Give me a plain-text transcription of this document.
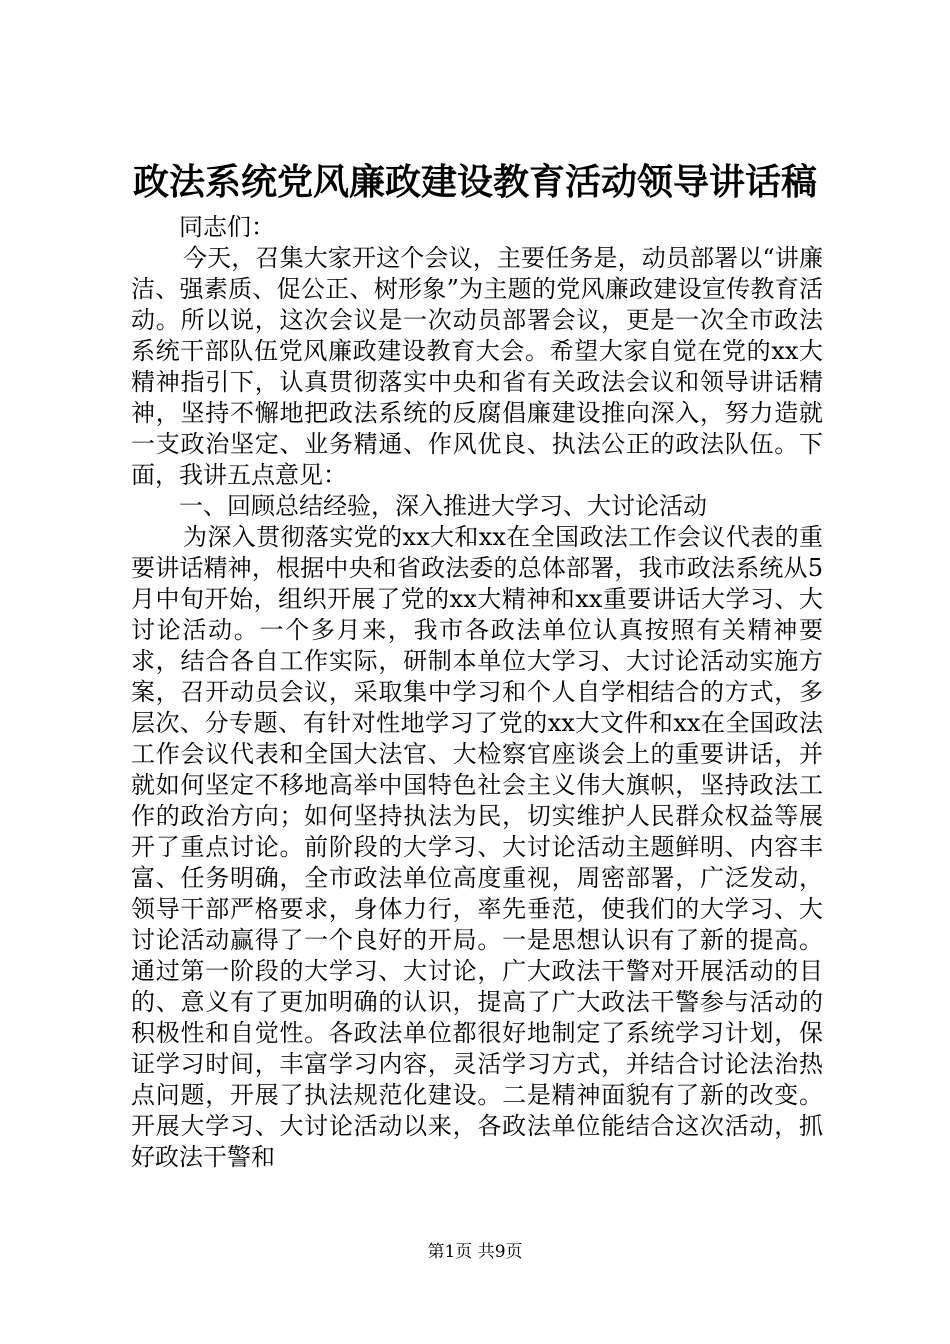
政法系统党风廉政建设教育活动领导讲话稿

同志们：

今天，召集大家开这个会议，主要任务是，动员部署以“讲廉洁、强素质、促公正、树形象”为主题的党风廉政建设宣传教育活动。所以说，这次会议是一次动员部署会议，更是一次全市政法系统干部队伍党风廉政建设教育大会。希望大家自觉在党的xx大精神指引下，认真贯彻落实中央和省有关政法会议和领导讲话精神，坚持不懈地把政法系统的反腐倡廉建设推向深入，努力造就一支政治坚定、业务精通、作风优良、执法公正的政法队伍。下面，我讲五点意见：

一、回顾总结经验，深入推进大学习、大讨论活动

为深入贯彻落实党的xx大和xx在全国政法工作会议代表的重要讲话精神，根据中央和省政法委的总体部署，我市政法系统从5月中旬开始，组织开展了党的xx大精神和xx重要讲话大学习、大讨论活动。一个多月来，我市各政法单位认真按照有关精神要求，结合各自工作实际，研制本单位大学习、大讨论活动实施方案，召开动员会议，采取集中学习和个人自学相结合的方式，多层次、分专题、有针对性地学习了党的xx大文件和xx在全国政法工作会议代表和全国大法官、大检察官座谈会上的重要讲话，并就如何坚定不移地高举中国特色社会主义伟大旗帜，坚持政法工作的政治方向；如何坚持执法为民，切实维护人民群众权益等展开了重点讨论。前阶段的大学习、大讨论活动主题鲜明、内容丰富、任务明确，全市政法单位高度重视，周密部署，广泛发动，领导干部严格要求，身体力行，率先垂范，使我们的大学习、大讨论活动赢得了一个良好的开局。一是思想认识有了新的提高。通过第一阶段的大学习、大讨论，广大政法干警对开展活动的目的、意义有了更加明确的认识，提高了广大政法干警参与活动的积极性和自觉性。各政法单位都很好地制定了系统学习计划，保证学习时间，丰富学习内容，灵活学习方式，并结合讨论法治热点问题，开展了执法规范化建设。二是精神面貌有了新的改变。开展大学习、大讨论活动以来，各政法单位能结合这次活动，抓好政法干警和

第1页 共9页
